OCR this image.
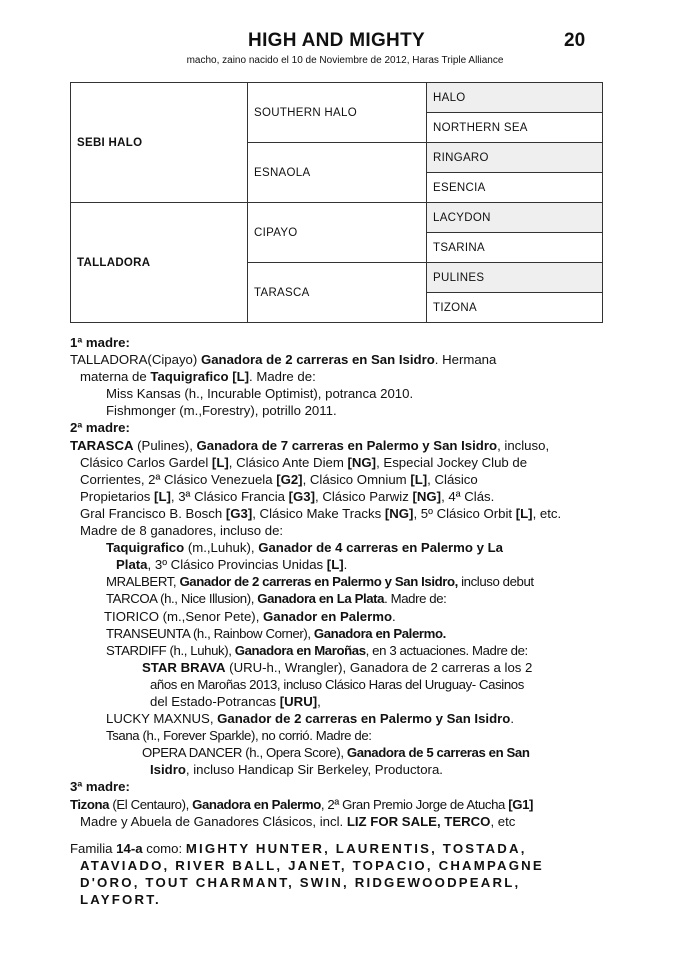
HIGH AND MIGHTY	20
macho, zaino nacido el 10 de Noviembre de 2012, Haras Triple Alliance
SEBI HALO	SOUTHERN HALO	HALO
		NORTHERN SEA
	ESNAOLA	RINGARO
		ESENCIA
TALLADORA	CIPAYO	LACYDON
		TSARINA
	TARASCA	PULINES
		TIZONA

1ª madre:

TALLADORA(Cipayo) Ganadora de 2 carreras en San Isidro. Hermana

materna de Taquigrafico [L]. Madre de:

Miss Kansas (h., Incurable Optimist), potranca 2010.

Fishmonger (m.,Forestry), potrillo 2011.

2ª madre:

TARASCA (Pulines), Ganadora de 7 carreras en Palermo y San Isidro, incluso,

Clásico Carlos Gardel [L], Clásico Ante Diem [NG], Especial Jockey Club de

Corrientes, 2ª Clásico Venezuela [G2], Clásico Omnium [L], Clásico

Propietarios [L], 3ª Clásico Francia [G3], Clásico Parwiz [NG], 4ª Clás.

Gral Francisco B. Bosch [G3], Clásico Make Tracks [NG], 5º Clásico Orbit [L], etc.

Madre de 8 ganadores, incluso de:

Taquigrafico (m.,Luhuk), Ganador de 4 carreras en Palermo y La

Plata, 3º Clásico Provincias Unidas [L].

MRALBERT, Ganador de 2 carreras en Palermo y San Isidro, incluso debut

TARCOA (h., Nice Illusion), Ganadora en La Plata. Madre de:

TIORICO (m.,Senor Pete), Ganador en Palermo.

TRANSEUNTA (h., Rainbow Corner), Ganadora en Palermo.

STARDIFF (h., Luhuk), Ganadora en Maroñas, en 3 actuaciones. Madre de:

STAR BRAVA (URU-h., Wrangler), Ganadora de 2 carreras a los 2

años en Maroñas 2013, incluso Clásico Haras del Uruguay- Casinos

del Estado-Potrancas [URU],

LUCKY MAXNUS, Ganador de 2 carreras en Palermo y San Isidro.

Tsana (h., Forever Sparkle), no corrió. Madre de:

OPERA DANCER (h., Opera Score), Ganadora de 5 carreras en San

Isidro, incluso Handicap Sir Berkeley, Productora.

3ª madre:

Tizona (El Centauro), Ganadora en Palermo, 2ª Gran Premio Jorge de Atucha [G1]

Madre y Abuela de Ganadores Clásicos, incl. LIZ FOR SALE, TERCO, etc

Familia 14-a como: MIGHTY HUNTER, LAURENTIS, TOSTADA,

ATAVIADO, RIVER BALL, JANET, TOPACIO, CHAMPAGNE

D'ORO, TOUT CHARMANT, SWIN, RIDGEWOODPEARL,

LAYFORT.
